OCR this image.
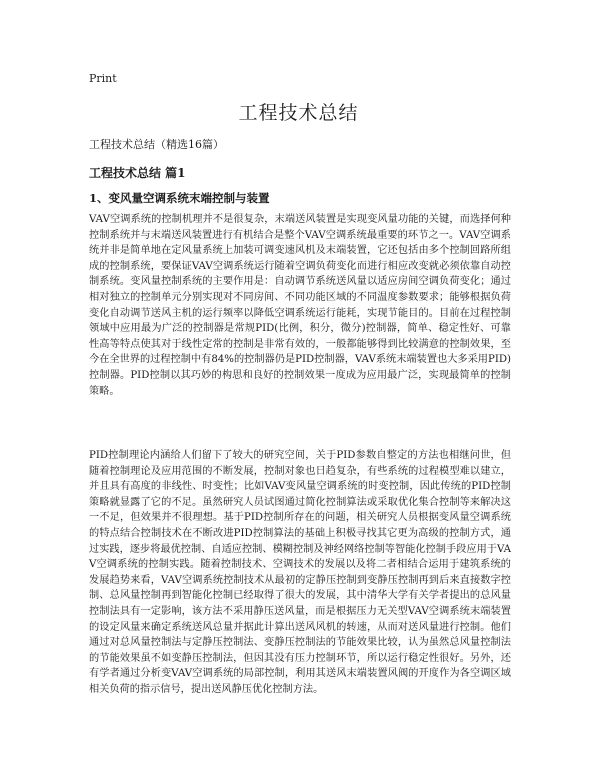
Print
工程技术总结

工程技术总结（精选16篇）

工程技术总结 篇1
1、变风量空调系统末端控制与装置

VAV空调系统的控制机理并不是很复杂，末端送风装置是实现变风量功能的关键，而选择何种控制系统并与末端送风装置进行有机结合是整个VAV空调系统最重要的环节之一。VAV空调系统并非是简单地在定风量系统上加装可调变速风机及末端装置，它还包括由多个控制回路所组成的控制系统，要保证VAV空调系统运行随着空调负荷变化而进行相应改变就必须依靠自动控制系统。变风量控制系统的主要作用是：自动调节系统送风量以适应房间空调负荷变化；通过相对独立的控制单元分别实现对不同房间、不同功能区域的不同温度参数要求；能够根据负荷变化自动调节送风主机的运行频率以降低空调系统运行能耗，实现节能目的。目前在过程控制领域中应用最为广泛的控制器是常规PID(比例，积分，微分)控制器，简单、稳定性好、可靠性高等特点使其对于线性定常的控制是非常有效的，一般都能够得到比较满意的控制效果，至今在全世界的过程控制中有84%的控制器仍是PID控制器，VAV系统末端装置也大多采用PID)控制器。PID控制以其巧妙的构思和良好的控制效果一度成为应用最广泛，实现最简单的控制策略。

PID控制理论内涵给人们留下了较大的研究空间，关于PID参数自整定的方法也相继问世，但随着控制理论及应用范围的不断发展，控制对象也日趋复杂，有些系统的过程模型难以建立，并且具有高度的非线性、时变性；比如VAV变风量空调系统的时变控制，因此传统的PID控制策略就显露了它的不足。虽然研究人员试图通过简化控制算法或采取优化集合控制等来解决这一不足，但效果并不很理想。基于PID控制所存在的问题，相关研究人员根据变风量空调系统的特点结合控制技术在不断改进PID控制算法的基础上积极寻找其它更为高级的控制方式，通过实践，逐步将最优控制、自适应控制、模糊控制及神经网络控制等智能化控制手段应用于VAV空调系统的控制实践。随着控制技术、空调技术的发展以及将二者相结合运用于建筑系统的发展趋势来看，VAV空调系统控制技术从最初的定静压控制到变静压控制再到后来直接数字控制、总风量控制再到智能化控制已经取得了很大的发展，其中清华大学有关学者提出的总风量控制法具有一定影响，该方法不采用静压送风量，而是根据压力无关型VAV空调系统末端装置的设定风量来确定系统送风总量并据此计算出送风风机的转速，从而对送风量进行控制。他们通过对总风量控制法与定静压控制法、变静压控制法的节能效果比较，认为虽然总风量控制法的节能效果虽不如变静压控制法，但因其没有压力控制环节，所以运行稳定性很好。另外，还有学者通过分析变VAV空调系统的局部控制，利用其送风末端装置风阀的开度作为各空调区域相关负荷的指示信号，提出送风静压优化控制方法。
